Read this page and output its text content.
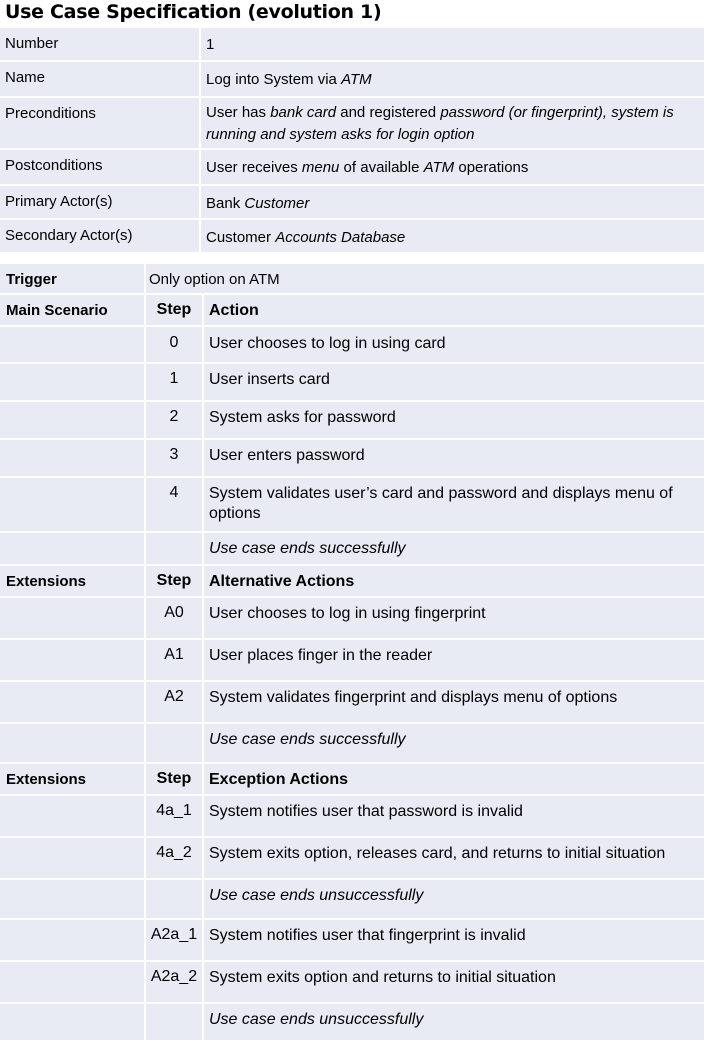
Use Case Specification (evolution 1)
Number	1
Name	Log into System via ATM
Preconditions	User has bank card and registered password (or fingerprint), system is running and system asks for login option
Postconditions	User receives menu of available ATM operations
Primary Actor(s)	Bank Customer
Secondary Actor(s)	Customer Accounts Database
Trigger	Only option on ATM	
Main Scenario	Step	Action
	0	User chooses to log in using card
	1	User inserts card
	2	System asks for password
	3	User enters password
	4	System validates user’s card and password and displays menu of options
		Use case ends successfully
Extensions	Step	Alternative Actions
	A0	User chooses to log in using fingerprint
	A1	User places finger in the reader
	A2	System validates fingerprint and displays menu of options
		Use case ends successfully
Extensions	Step	Exception Actions
	4a_1	System notifies user that password is invalid
	4a_2	System exits option, releases card, and returns to initial situation
		Use case ends unsuccessfully
	A2a_1	System notifies user that fingerprint is invalid
	A2a_2	System exits option and returns to initial situation
		Use case ends unsuccessfully
